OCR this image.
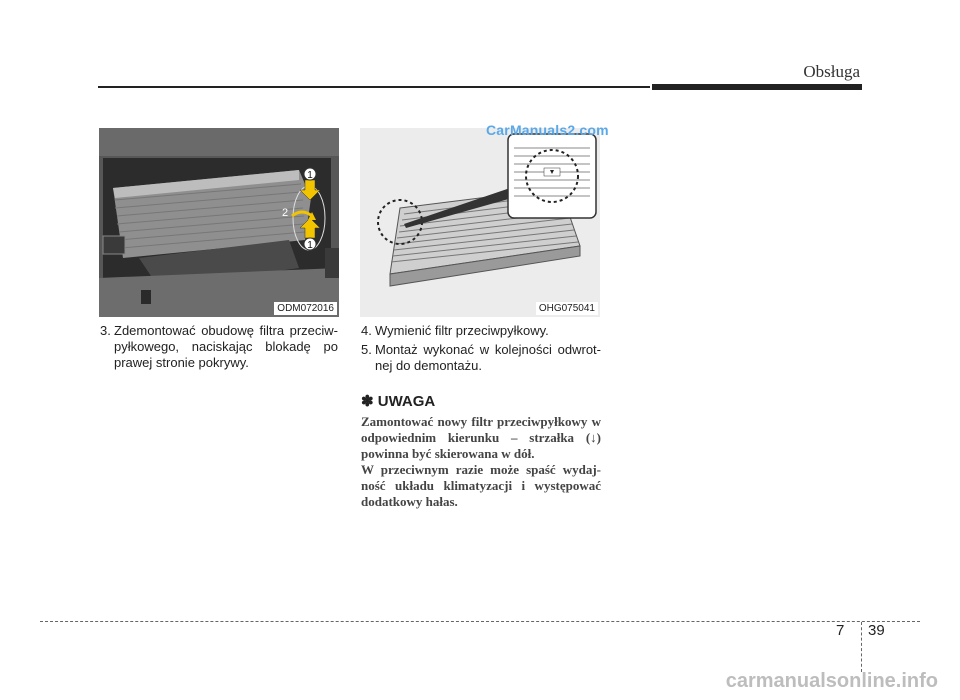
Obsługa
1
2
1
ODM072016	OHG075041
CarManuals2.com
3. Zdemontować obudowę filtra przeciw-pyłkowego, naciskając blokadę po prawej stronie pokrywy.
4. Wymienić filtr przeciwpyłkowy.
5. Montaż wykonać w kolejności odwrot-nej do demontażu.
✽ UWAGA

Zamontować nowy filtr przeciwpyłkowy w odpowiednim kierunku – strzałka (↓) powinna być skierowana w dół.

W przeciwnym razie może spaść wydaj-ność układu klimatyzacji i występować dodatkowy hałas.

7 39
carmanualsonline.info
